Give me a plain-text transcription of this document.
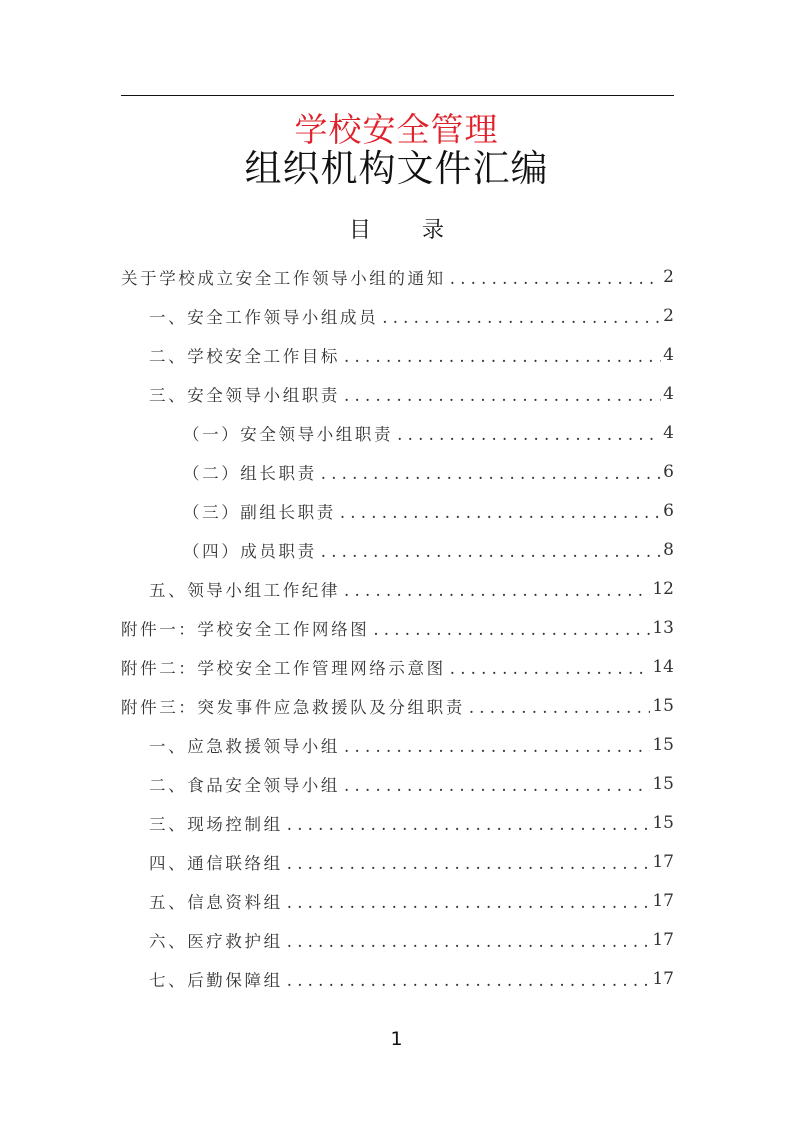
学校安全管理
组织机构文件汇编
目 录
关于学校成立安全工作领导小组的通知 . . .	2
一、安全工作领导小组成员 . . .	2
二、学校安全工作目标 . . .	4
三、安全领导小组职责 . . .	4
（一）安全领导小组职责 . . .	4
（二）组长职责 . . .	6
（三）副组长职责 . . .	6
（四）成员职责 . . .	8
五、领导小组工作纪律 . . .	12
附件一：学校安全工作网络图 . . .	13
附件二：学校安全工作管理网络示意图 . . .	14
附件三：突发事件应急救援队及分组职责 . . .	15
一、应急救援领导小组 . . .	15
二、食品安全领导小组 . . .	15
三、现场控制组 . . .	15
四、通信联络组 . . .	17
五、信息资料组 . . .	17
六、医疗救护组 . . .	17
七、后勤保障组 . . .	17
1
